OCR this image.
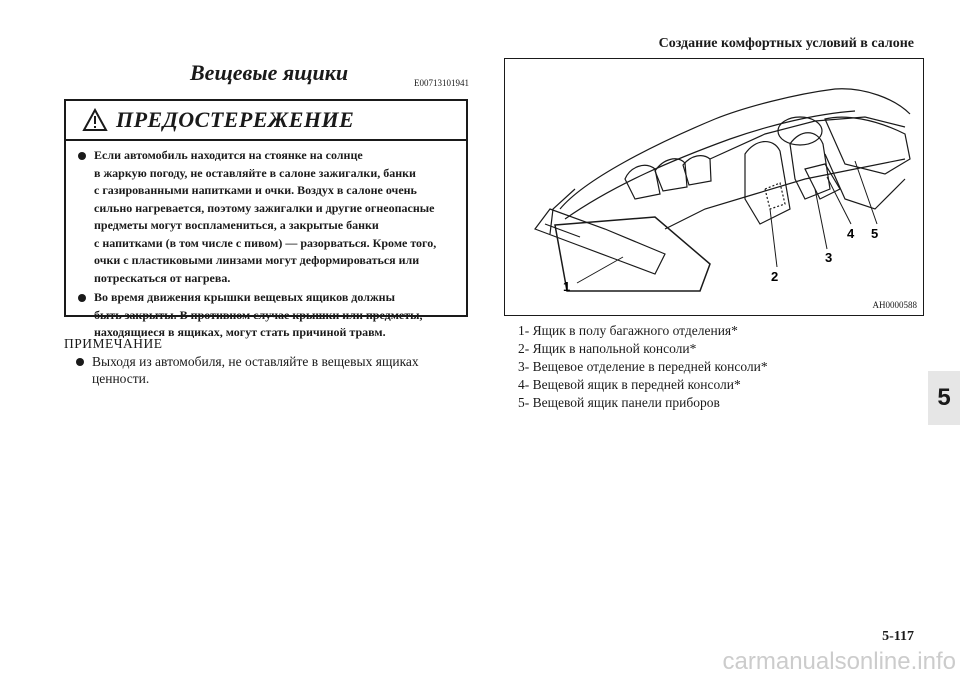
Создание комфортных условий в салоне
Вещевые ящики	E00713101941
ПРЕДОСТЕРЕЖЕНИЕ
Если автомобиль находится на стоянке на солнце
в жаркую погоду, не оставляйте в салоне зажигалки, банки
с газированными напитками и очки. Воздух в салоне очень
сильно нагревается, поэтому зажигалки и другие огнеопасные
предметы могут воспламениться, а закрытые банки
с напитками (в том числе с пивом) — разорваться. Кроме того,
очки с пластиковыми линзами могут деформироваться или
потрескаться от нагрева.
Во время движения крышки вещевых ящиков должны
быть закрыты. В противном случае крышки или предметы,
находящиеся в ящиках, могут стать причиной травм.
ПРИМЕЧАНИЕ
Выходя из автомобиля, не оставляйте в вещевых ящиках
ценности.
1
2
3
4 5
AH0000588
1- Ящик в полу багажного отделения*
2- Ящик в напольной консоли*
3- Вещевое отделение в передней консоли*
4- Вещевой ящик в передней консоли*
5- Вещевой ящик панели приборов	5
5-117
carmanualsonline.info
